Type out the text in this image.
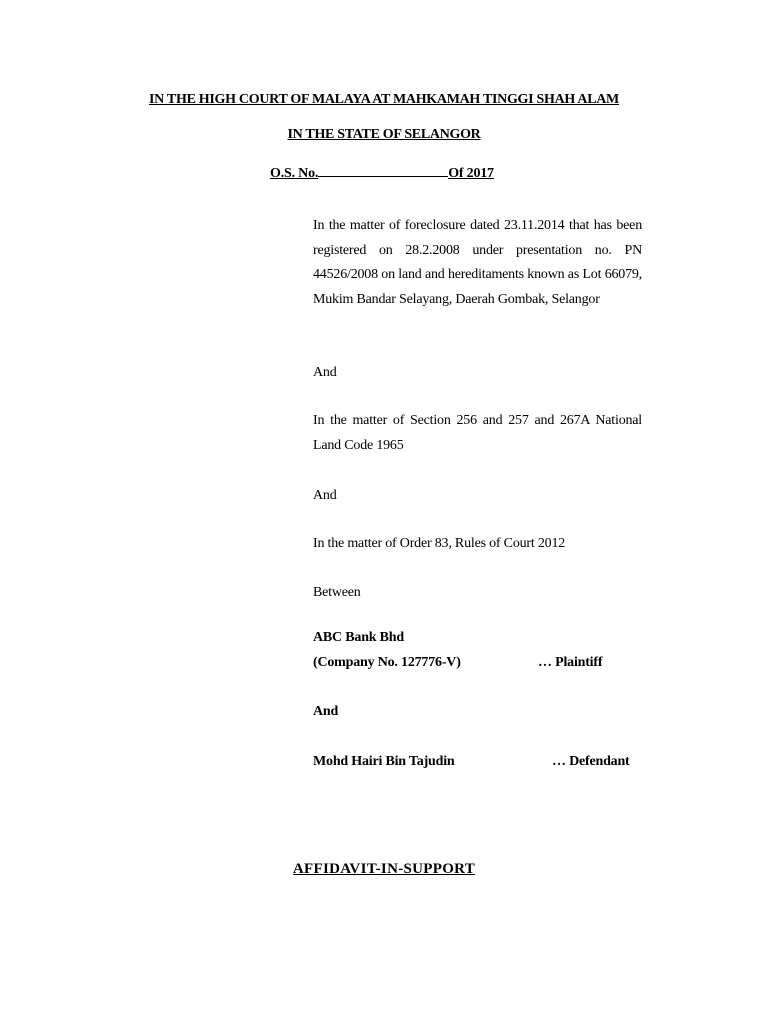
IN THE HIGH COURT OF MALAYA AT MAHKAMAH TINGGI SHAH ALAM
IN THE STATE OF SELANGOR
O.S. No.	Of 2017

In the matter of foreclosure dated 23.11.2014 that has been registered on 28.2.2008 under presentation no. PN 44526/2008 on land and hereditaments known as Lot 66079, Mukim Bandar Selayang, Daerah Gombak, Selangor

And

In the matter of Section 256 and 257 and 267A National Land Code 1965

And

In the matter of Order 83, Rules of Court 2012

Between

ABC Bank Bhd
(Company No. 127776-V)	… Plaintiff
And
Mohd Hairi Bin Tajudin	… Defendant
AFFIDAVIT-IN-SUPPORT
